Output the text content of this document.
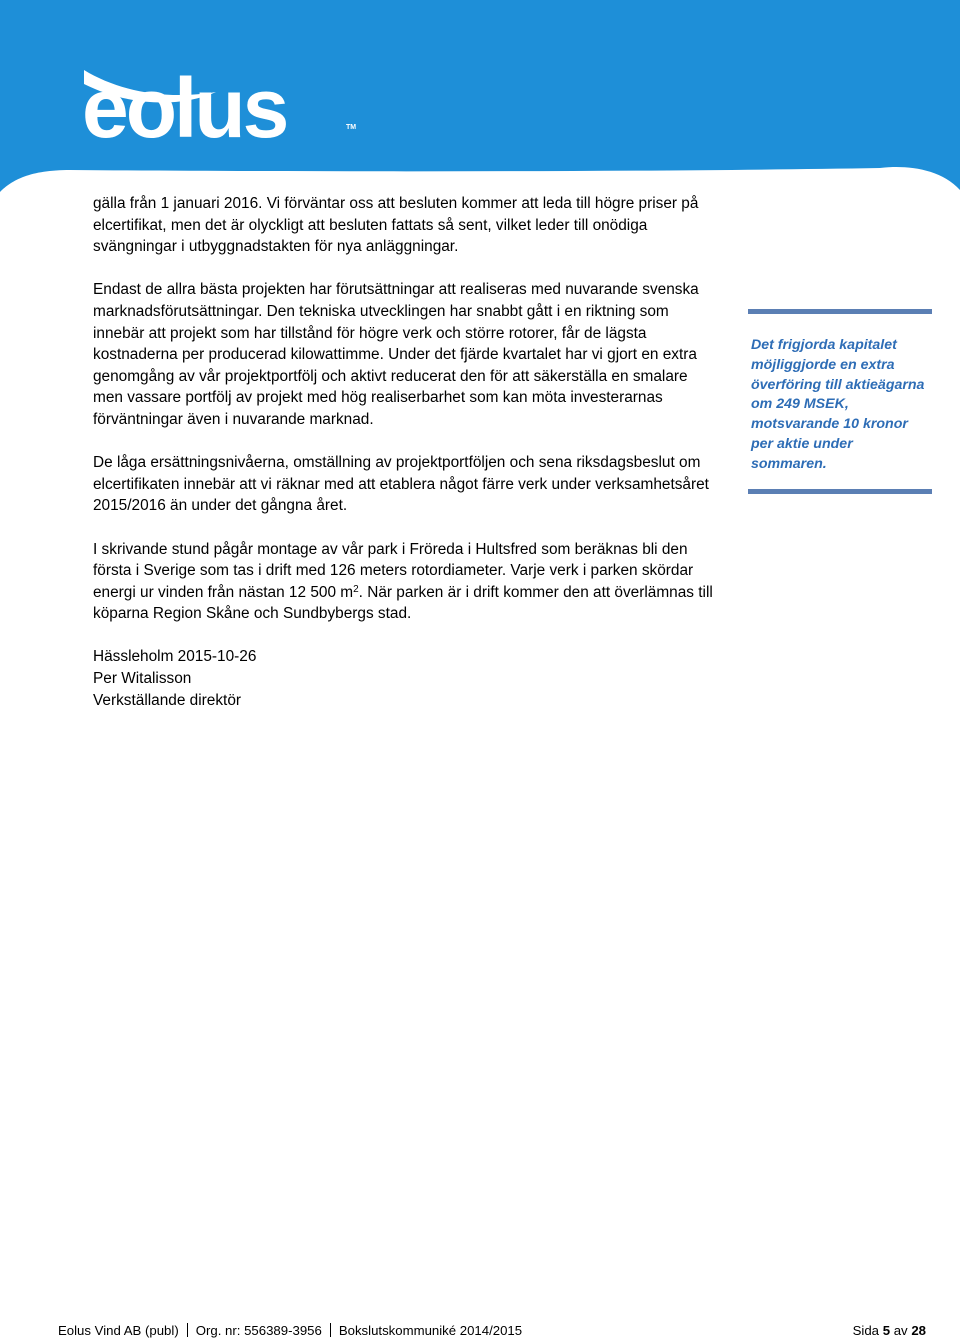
eolus	TM

gälla från 1 januari 2016. Vi förväntar oss att besluten kommer att leda till högre priser på elcertifikat, men det är olyckligt att besluten fattats så sent, vilket leder till onödiga svängningar i utbyggnadstakten för nya anläggningar.

Endast de allra bästa projekten har förutsättningar att realiseras med nuvarande svenska marknadsförutsättningar. Den tekniska utvecklingen har snabbt gått i en riktning som innebär att projekt som har tillstånd för högre verk och större rotorer, får de lägsta kostnaderna per producerad kilowattimme. Under det fjärde kvartalet har vi gjort en extra genomgång av vår projektportfölj och aktivt reducerat den för att säkerställa en smalare men vassare portfölj av projekt med hög realiserbarhet som kan möta investerarnas förväntningar även i nuvarande marknad.

De låga ersättningsnivåerna, omställning av projektportföljen och sena riksdagsbeslut om elcertifikaten innebär att vi räknar med att etablera något färre verk under verksamhetsåret 2015/2016 än under det gångna året.

I skrivande stund pågår montage av vår park i Fröreda i Hultsfred som beräknas bli den första i Sverige som tas i drift med 126 meters rotordiameter. Varje verk i parken skördar energi ur vinden från nästan 12 500 $m^2$. När parken är i drift kommer den att överlämnas till köparna Region Skåne och Sundbybergs stad.

Hässleholm 2015-10-26

Per Witalisson

Verkställande direktör

Det frigjorda kapitalet möjliggjorde en extra överföring till aktieägarna om 249 MSEK, motsvarande 10 kronor per aktie under sommaren.
Eolus Vind AB (publ) Org. nr: 556389-3956 Bokslutskommuniké 2014/2015	Sida 5 av 28
